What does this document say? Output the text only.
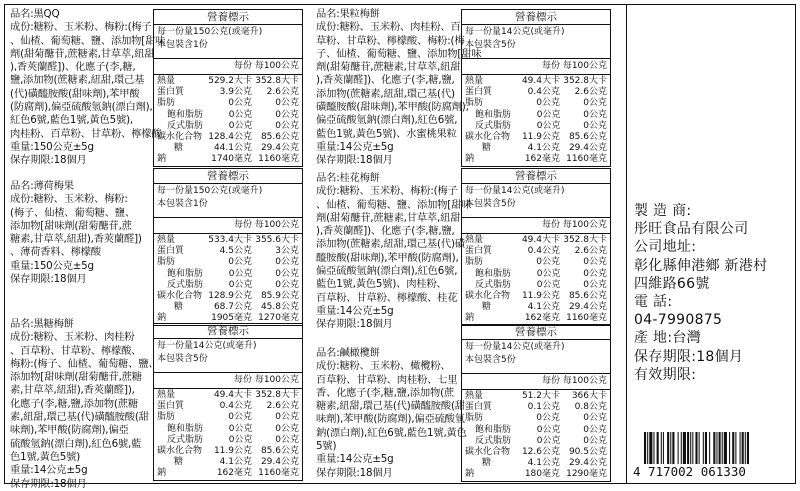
品名:黑QQ
成份:糖粉、玉米粉、梅粉:(梅子
、仙楂、葡萄糖、鹽、添加物[甜味
劑(甜菊醣苷,蔗糖素,甘草萃,紐甜
),香莢蘭醛])、化應子(李,糖,
鹽,添加物(蔗糖素,紐甜,環己基
(代)磺醯胺酸(甜味劑),苯甲酸
(防腐劑),偏亞硫酸氫鈉(漂白劑),
紅色6號,藍色1號,黃色5號),
肉桂粉、百草粉、甘草粉、檸檬酸
重量:150公克±5g
保存期限:18個月
營養標示
每一份量150公克(或毫升)
本包裝含1份
每份 每100公克
熱量	529.2大卡 352.8大卡
蛋白質	3.9公克	2.6公克
脂肪	0公克	0公克
飽和脂肪	0公克	0公克
反式脂肪	0公克	0公克
碳水化合物 128.4公克 85.6公克
糖	44.1公克 29.4公克
鈉	1740毫克 1160毫克
品名:薄荷梅果
成份:糖粉、玉米粉、梅粉:
(梅子、仙楂、葡萄糖、鹽、
添加物[甜味劑(甜菊醣苷,蔗
糖素,甘草萃,紐甜),香莢蘭醛])
、薄荷香料、檸檬酸
重量:150公克±5g
保存期限:18個月
營養標示
每一份量150公克(或毫升)
本包裝含1份
每份 每100公克
熱量	533.4大卡 355.6大卡
蛋白質	4.5公克	3公克
脂肪	0公克	0公克
飽和脂肪	0公克	0公克
反式脂肪	0公克	0公克
碳水化合物 128.9公克 85.9公克
糖	68.7公克 45.8公克
鈉	1905毫克 1270毫克
品名:黑糖梅餅
成份:糖粉、玉米粉、肉桂粉
、百草粉、甘草粉、檸檬酸、
梅粉:(梅子、仙楂、葡萄糖、鹽、
添加物[甜味劑(甜菊醣苷,蔗糖
素,甘草萃,紐甜),香莢蘭醛]),
化應子(李,糖,鹽,添加物(蔗糖
素,紐甜,環己基(代)磺醯胺酸(甜
味劑),苯甲酸(防腐劑),偏亞
硫酸氫鈉(漂白劑),紅色6號,藍
色1號,黃色5號)
重量:14公克±5g
保存期限:18個月
營養標示
每一份量14公克(或毫升)
本包裝含5份
每份 每100公克
熱量	49.4大卡 352.8大卡
蛋白質	0.4公克	2.6公克
脂肪	0公克	0公克
飽和脂肪	0公克	0公克
反式脂肪	0公克	0公克
碳水化合物	11.9公克 85.6公克
糖	4.1公克 29.4公克
鈉	162毫克 1160毫克
品名:果粒梅餅
成份:糖粉、玉米粉、肉桂粉、百
草粉、甘草粉、檸檬酸、梅粉:(梅
子、仙楂、葡萄糖、鹽、添加物[甜味
劑(甜菊醣苷,蔗糖素,甘草萃,紐甜
),香莢蘭醛])、化應子(李,糖,鹽,
添加物(蔗糖素,紐甜,環己基(代)
磺醯胺酸(甜味劑),苯甲酸(防腐劑),
偏亞硫酸氫鈉(漂白劑),紅色6號,
藍色1號,黃色5號)、水蜜桃果粒
重量:14公克±5g
保存期限:18個月
營養標示
每一份量14公克(或毫升)
本包裝含5份
每份 每100公克
熱量	49.4大卡 352.8大卡
蛋白質	0.4公克	2.6公克
脂肪	0公克	0公克
飽和脂肪	0公克	0公克
反式脂肪	0公克	0公克
碳水化合物	11.9公克 85.6公克
糖	4.1公克 29.4公克
鈉	162毫克 1160毫克
品名:桂花梅餅
成份:糖粉、玉米粉、梅粉:(梅子
、仙楂、葡萄糖、鹽、添加物[甜味
劑(甜菊醣苷,蔗糖素,甘草萃,紐甜
),香莢蘭醛])、化應子(李,糖,鹽,
添加物(蔗糖素,紐甜,環己基(代)磺
醯胺酸(甜味劑),苯甲酸(防腐劑),
偏亞硫酸氫鈉(漂白劑),紅色6號,
藍色1號,黃色5號)、肉桂粉、
百草粉、甘草粉、檸檬酸、桂花
重量:14公克±5g
保存期限:18個月
營養標示
每一份量14公克(或毫升)
本包裝含5份
每份 每100公克
熱量	49.4大卡 352.8大卡
蛋白質	0.4公克	2.6公克
脂肪	0公克	0公克
飽和脂肪	0公克	0公克
反式脂肪	0公克	0公克
碳水化合物	11.9公克 85.6公克
糖	4.1公克 29.4公克
鈉	162毫克 1160毫克
品名:鹹橄欖餅
成份:糖粉、玉米粉、橄欖粉、
百草粉、甘草粉、肉桂粉、七里
香、化應子(李,糖,鹽,添加物(蔗
糖素,紐甜,環己基(代)磺醯胺酸(甜
味劑),苯甲酸(防腐劑),偏亞硫酸氫
鈉(漂白劑),紅色6號,藍色1號,黃色
5號)
重量:14公克±5g
保存期限:18個月
營養標示
每一份量14公克(或毫升)
本包裝含5份
每份 每100公克
熱量	51.2大卡	366大卡
蛋白質	0.1公克	0.8公克
脂肪	0公克	0公克
飽和脂肪	0公克	0公克
反式脂肪	0公克	0公克
碳水化合物	12.6公克 90.5公克
糖	4.1公克 29.4公克
鈉	180毫克 1290毫克
製 造 商:
彤旺食品有限公司
公司地址:
彰化縣伸港鄉 新港村
四維路66號
電 話:
04-7990875
產 地:台灣
保存期限:18個月
有效期限:
4 717002 061330
